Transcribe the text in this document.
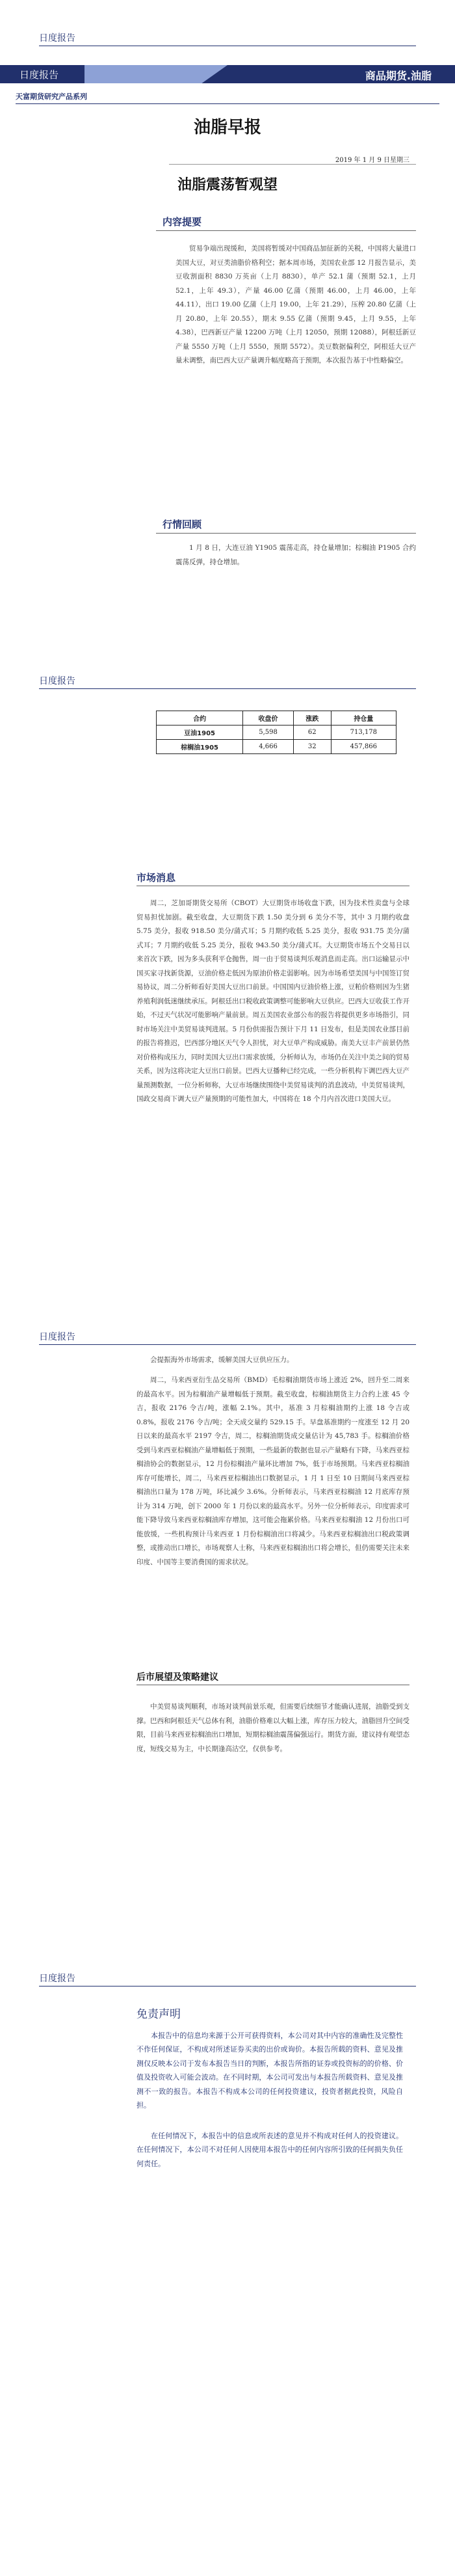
日度报告
日度报告	商品期货.油脂
天富期货研究产品系列
油脂早报
2019 年 1 月 9 日星期三
油脂震荡暂观望
内容提要

贸易争端出现缓和，美国将暂缓对中国商品加征新的关税，中国将大量进口美国大豆，对豆类油脂价格利空；据本周市场，美国农业部 12 月报告显示，美豆收割面积 8830 万英亩（上月 8830），单产 52.1 蒲（预期 52.1，上月 52.1，上年 49.3），产量 46.00 亿蒲（预期 46.00，上月 46.00，上年 44.11），出口 19.00 亿蒲（上月 19.00，上年 21.29），压榨 20.80 亿蒲（上月 20.80，上年 20.55），期末 9.55 亿蒲（预期 9.45，上月 9.55，上年 4.38），巴西新豆产量 12200 万吨（上月 12050，预期 12088），阿根廷新豆产量 5550 万吨（上月 5550，预期 5572）。美豆数据偏利空，阿根廷大豆产量未调整，南巴西大豆产量调升幅度略高于预期，本次报告基于中性略偏空。

行情回顾

1 月 8 日，大连豆油 Y1905 震荡走高，持仓量增加；棕榈油 P1905 合约震荡反弹，持仓增加。

日度报告
合约	收盘价	涨跌	持仓量
豆油1905	5,598	62	713,178
棕榈油1905	4,666	32	457,866
市场消息

周二，芝加哥期货交易所（CBOT）大豆期货市场收盘下跌，因为技术性卖盘与全球贸易担忧加剧。截至收盘，大豆期货下跌 1.50 美分到 6 美分不等，其中 3 月期约收盘 5.75 美分，报收 918.50 美分/蒲式耳；5 月期约收低 5.25 美分，报收 931.75 美分/蒲式耳；7 月期约收低 5.25 美分，报收 943.50 美分/蒲式耳。大豆期货市场五个交易日以来首次下跌，因为多头获利平仓抛售，周一由于贸易谈判乐观消息而走高。出口运输显示中国买家寻找新货源，豆油价格走低因为原油价格走弱影响。因为市场希望美国与中国签订贸易协议，周二分析师看好美国大豆出口前景。中国国内豆油价格上涨，豆粕价格则因为生猪养殖利润低迷继续承压。阿根廷出口税收政策调整可能影响大豆供应。巴西大豆收获工作开始，不过天气状况可能影响产量前景。周五美国农业部公布的报告将提供更多市场指引，同时市场关注中美贸易谈判进展。5 月份供需报告预计下月 11 日发布，但是美国农业部目前的报告将推迟，巴西部分地区天气令人担忧，对大豆单产构成威胁。南美大豆丰产前景仍然对价格构成压力，同时美国大豆出口需求放缓，分析师认为，市场仍在关注中美之间的贸易关系，因为这将决定大豆出口前景。巴西大豆播种已经完成，一些分析机构下调巴西大豆产量预测数据，一位分析师称，大豆市场继续围绕中美贸易谈判的消息波动，中美贸易谈判，国政交易商下调大豆产量预期的可能性加大，中国将在 18 个月内首次进口美国大豆。

日度报告

会提振海外市场需求，缓解美国大豆供应压力。

周二，马来西亚衍生品交易所（BMD）毛棕榈油期货市场上涨近 2%，回升至二周来的最高水平。因为棕榈油产量增幅低于预期。截至收盘，棕榈油期货主力合约上涨 45 令吉，报收 2176 令吉/吨，涨幅 2.1%。其中，基准 3 月棕榈油期约上涨 18 令吉或 0.8%，报收 2176 令吉/吨；全天成交量约 529.15 手。早盘基准期约一度涨至 12 月 20 日以来的最高水平 2197 令吉，周二，棕榈油期货成交量估计为 45,783 手。棕榈油价格受到马来西亚棕榈油产量增幅低于预期，一些最新的数据也显示产量略有下降，马来西亚棕榈油协会的数据显示，12 月份棕榈油产量环比增加 7%，低于市场预期。马来西亚棕榈油库存可能增长，周二，马来西亚棕榈油出口数据显示，1 月 1 日至 10 日期间马来西亚棕榈油出口量为 178 万吨，环比减少 3.6%。分析师表示，马来西亚棕榈油 12 月底库存预计为 314 万吨，创下 2000 年 1 月份以来的最高水平。另外一位分析师表示，印度需求可能下降导致马来西亚棕榈油库存增加，这可能会拖累价格。马来西亚棕榈油 12 月份出口可能放缓，一些机构预计马来西亚 1 月份棕榈油出口将减少。马来西亚棕榈油出口税政策调整，或推动出口增长，市场观察人士称，马来西亚棕榈油出口将会增长，但仍需要关注未来印度、中国等主要消费国的需求状况。

后市展望及策略建议

中美贸易谈判顺利，市场对谈判前景乐观，但需要后续细节才能确认进展，油脂受到支撑。巴西和阿根廷天气总体有利，油脂价格难以大幅上涨，库存压力较大，油脂回升空间受限，目前马来西亚棕榈油出口增加，短期棕榈油震荡偏强运行。期货方面，建议持有观望态度，短线交易为主，中长期逢高沽空，仅供参考。

日度报告
免责声明

本报告中的信息均来源于公开可获得资料，本公司对其中内容的准确性及完整性不作任何保证，不构成对所述证券买卖的出价或询价。本报告所载的资料、意见及推测仅反映本公司于发布本报告当日的判断，本报告所指的证券或投资标的的价格、价值及投资收入可能会波动。在不同时期，本公司可发出与本报告所载资料、意见及推测不一致的报告。本报告不构成本公司的任何投资建议，投资者据此投资，风险自担。

在任何情况下，本报告中的信息或所表述的意见并不构成对任何人的投资建议。在任何情况下，本公司不对任何人因使用本报告中的任何内容所引致的任何损失负任何责任。
